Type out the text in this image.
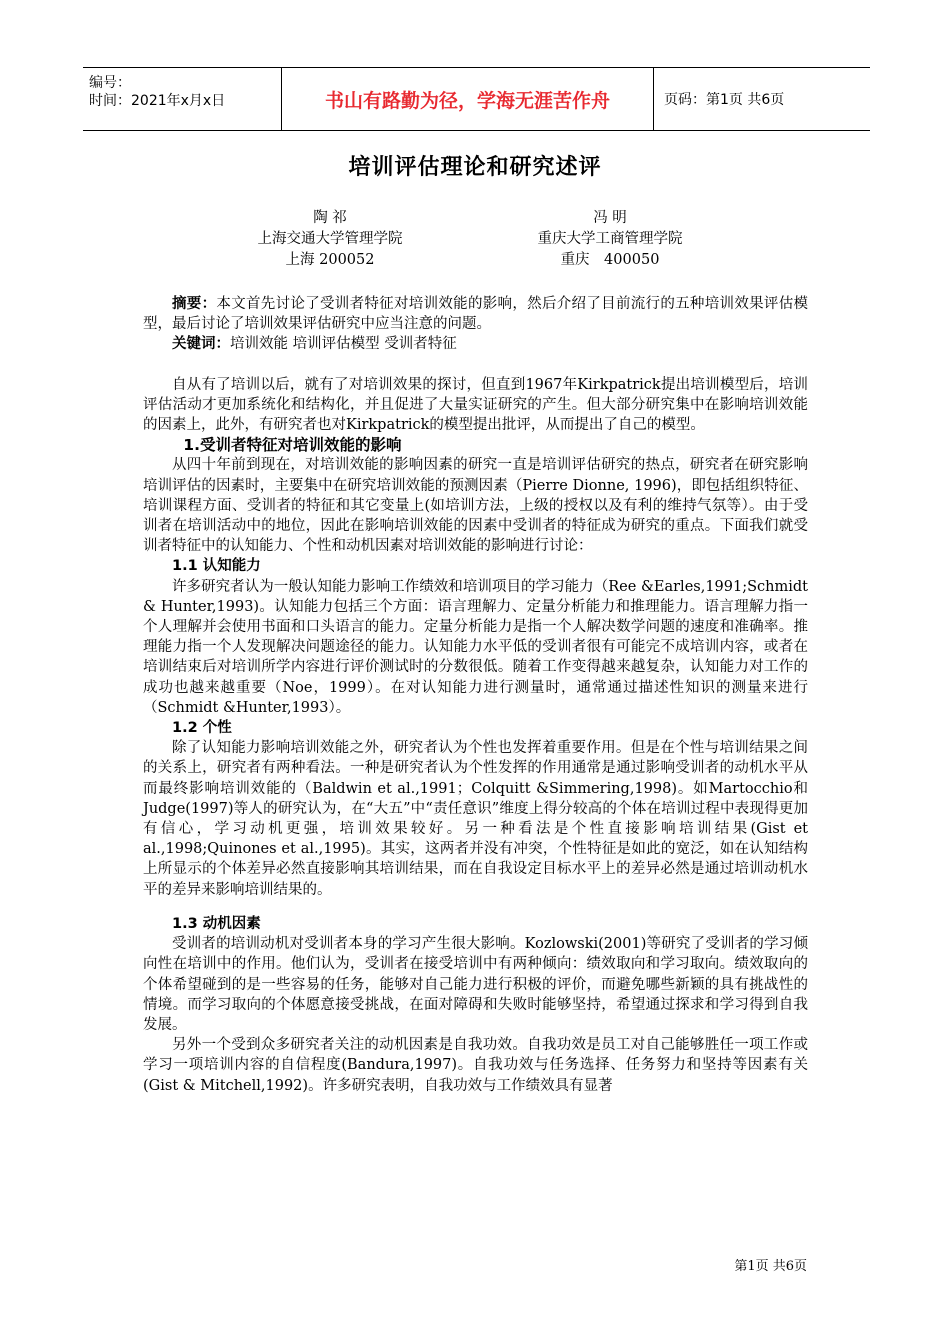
编号：
时间：2021年x月x日	书山有路勤为径，学海无涯苦作舟	页码：第1页 共6页
培训评估理论和研究述评
陶 祁
上海交通大学管理学院
上海 200052
冯 明
重庆大学工商管理学院
重庆　400050

摘要：本文首先讨论了受训者特征对培训效能的影响，然后介绍了目前流行的五种培训效果评估模型，最后讨论了培训效果评估研究中应当注意的问题。

关键词：培训效能 培训评估模型 受训者特征

自从有了培训以后，就有了对培训效果的探讨，但直到1967年Kirkpatrick提出培训模型后，培训评估活动才更加系统化和结构化，并且促进了大量实证研究的产生。但大部分研究集中在影响培训效能的因素上，此外，有研究者也对Kirkpatrick的模型提出批评，从而提出了自己的模型。

1.受训者特征对培训效能的影响

从四十年前到现在，对培训效能的影响因素的研究一直是培训评估研究的热点，研究者在研究影响培训评估的因素时，主要集中在研究培训效能的预测因素（Pierre Dionne, 1996)，即包括组织特征、培训课程方面、受训者的特征和其它变量上(如培训方法，上级的授权以及有利的维持气氛等）。由于受训者在培训活动中的地位，因此在影响培训效能的因素中受训者的特征成为研究的重点。下面我们就受训者特征中的认知能力、个性和动机因素对培训效能的影响进行讨论：

1.1 认知能力

许多研究者认为一般认知能力影响工作绩效和培训项目的学习能力（Ree &Earles,1991;Schmidt & Hunter,1993)。认知能力包括三个方面：语言理解力、定量分析能力和推理能力。语言理解力指一个人理解并会使用书面和口头语言的能力。定量分析能力是指一个人解决数学问题的速度和准确率。推理能力指一个人发现解决问题途径的能力。认知能力水平低的受训者很有可能完不成培训内容，或者在培训结束后对培训所学内容进行评价测试时的分数很低。随着工作变得越来越复杂，认知能力对工作的成功也越来越重要（Noe，1999）。在对认知能力进行测量时，通常通过描述性知识的测量来进行（Schmidt &Hunter,1993）。

1.2 个性

除了认知能力影响培训效能之外，研究者认为个性也发挥着重要作用。但是在个性与培训结果之间的关系上，研究者有两种看法。一种是研究者认为个性发挥的作用通常是通过影响受训者的动机水平从而最终影响培训效能的（Baldwin et al.,1991；Colquitt &Simmering,1998)。如Martocchio和Judge(1997)等人的研究认为，在“大五”中“责任意识”维度上得分较高的个体在培训过程中表现得更加有信心，学习动机更强，培训效果较好。另一种看法是个性直接影响培训结果(Gist et al.,1998;Quinones et al.,1995)。其实，这两者并没有冲突，个性特征是如此的宽泛，如在认知结构上所显示的个体差异必然直接影响其培训结果，而在自我设定目标水平上的差异必然是通过培训动机水平的差异来影响培训结果的。

1.3 动机因素

受训者的培训动机对受训者本身的学习产生很大影响。Kozlowski(2001)等研究了受训者的学习倾向性在培训中的作用。他们认为，受训者在接受培训中有两种倾向：绩效取向和学习取向。绩效取向的个体希望碰到的是一些容易的任务，能够对自己能力进行积极的评价，而避免哪些新颖的具有挑战性的情境。而学习取向的个体愿意接受挑战，在面对障碍和失败时能够坚持，希望通过探求和学习得到自我发展。

另外一个受到众多研究者关注的动机因素是自我功效。自我功效是员工对自己能够胜任一项工作或学习一项培训内容的自信程度(Bandura,1997)。自我功效与任务选择、任务努力和坚持等因素有关(Gist & Mitchell,1992)。许多研究表明，自我功效与工作绩效具有显著

第1页 共6页
